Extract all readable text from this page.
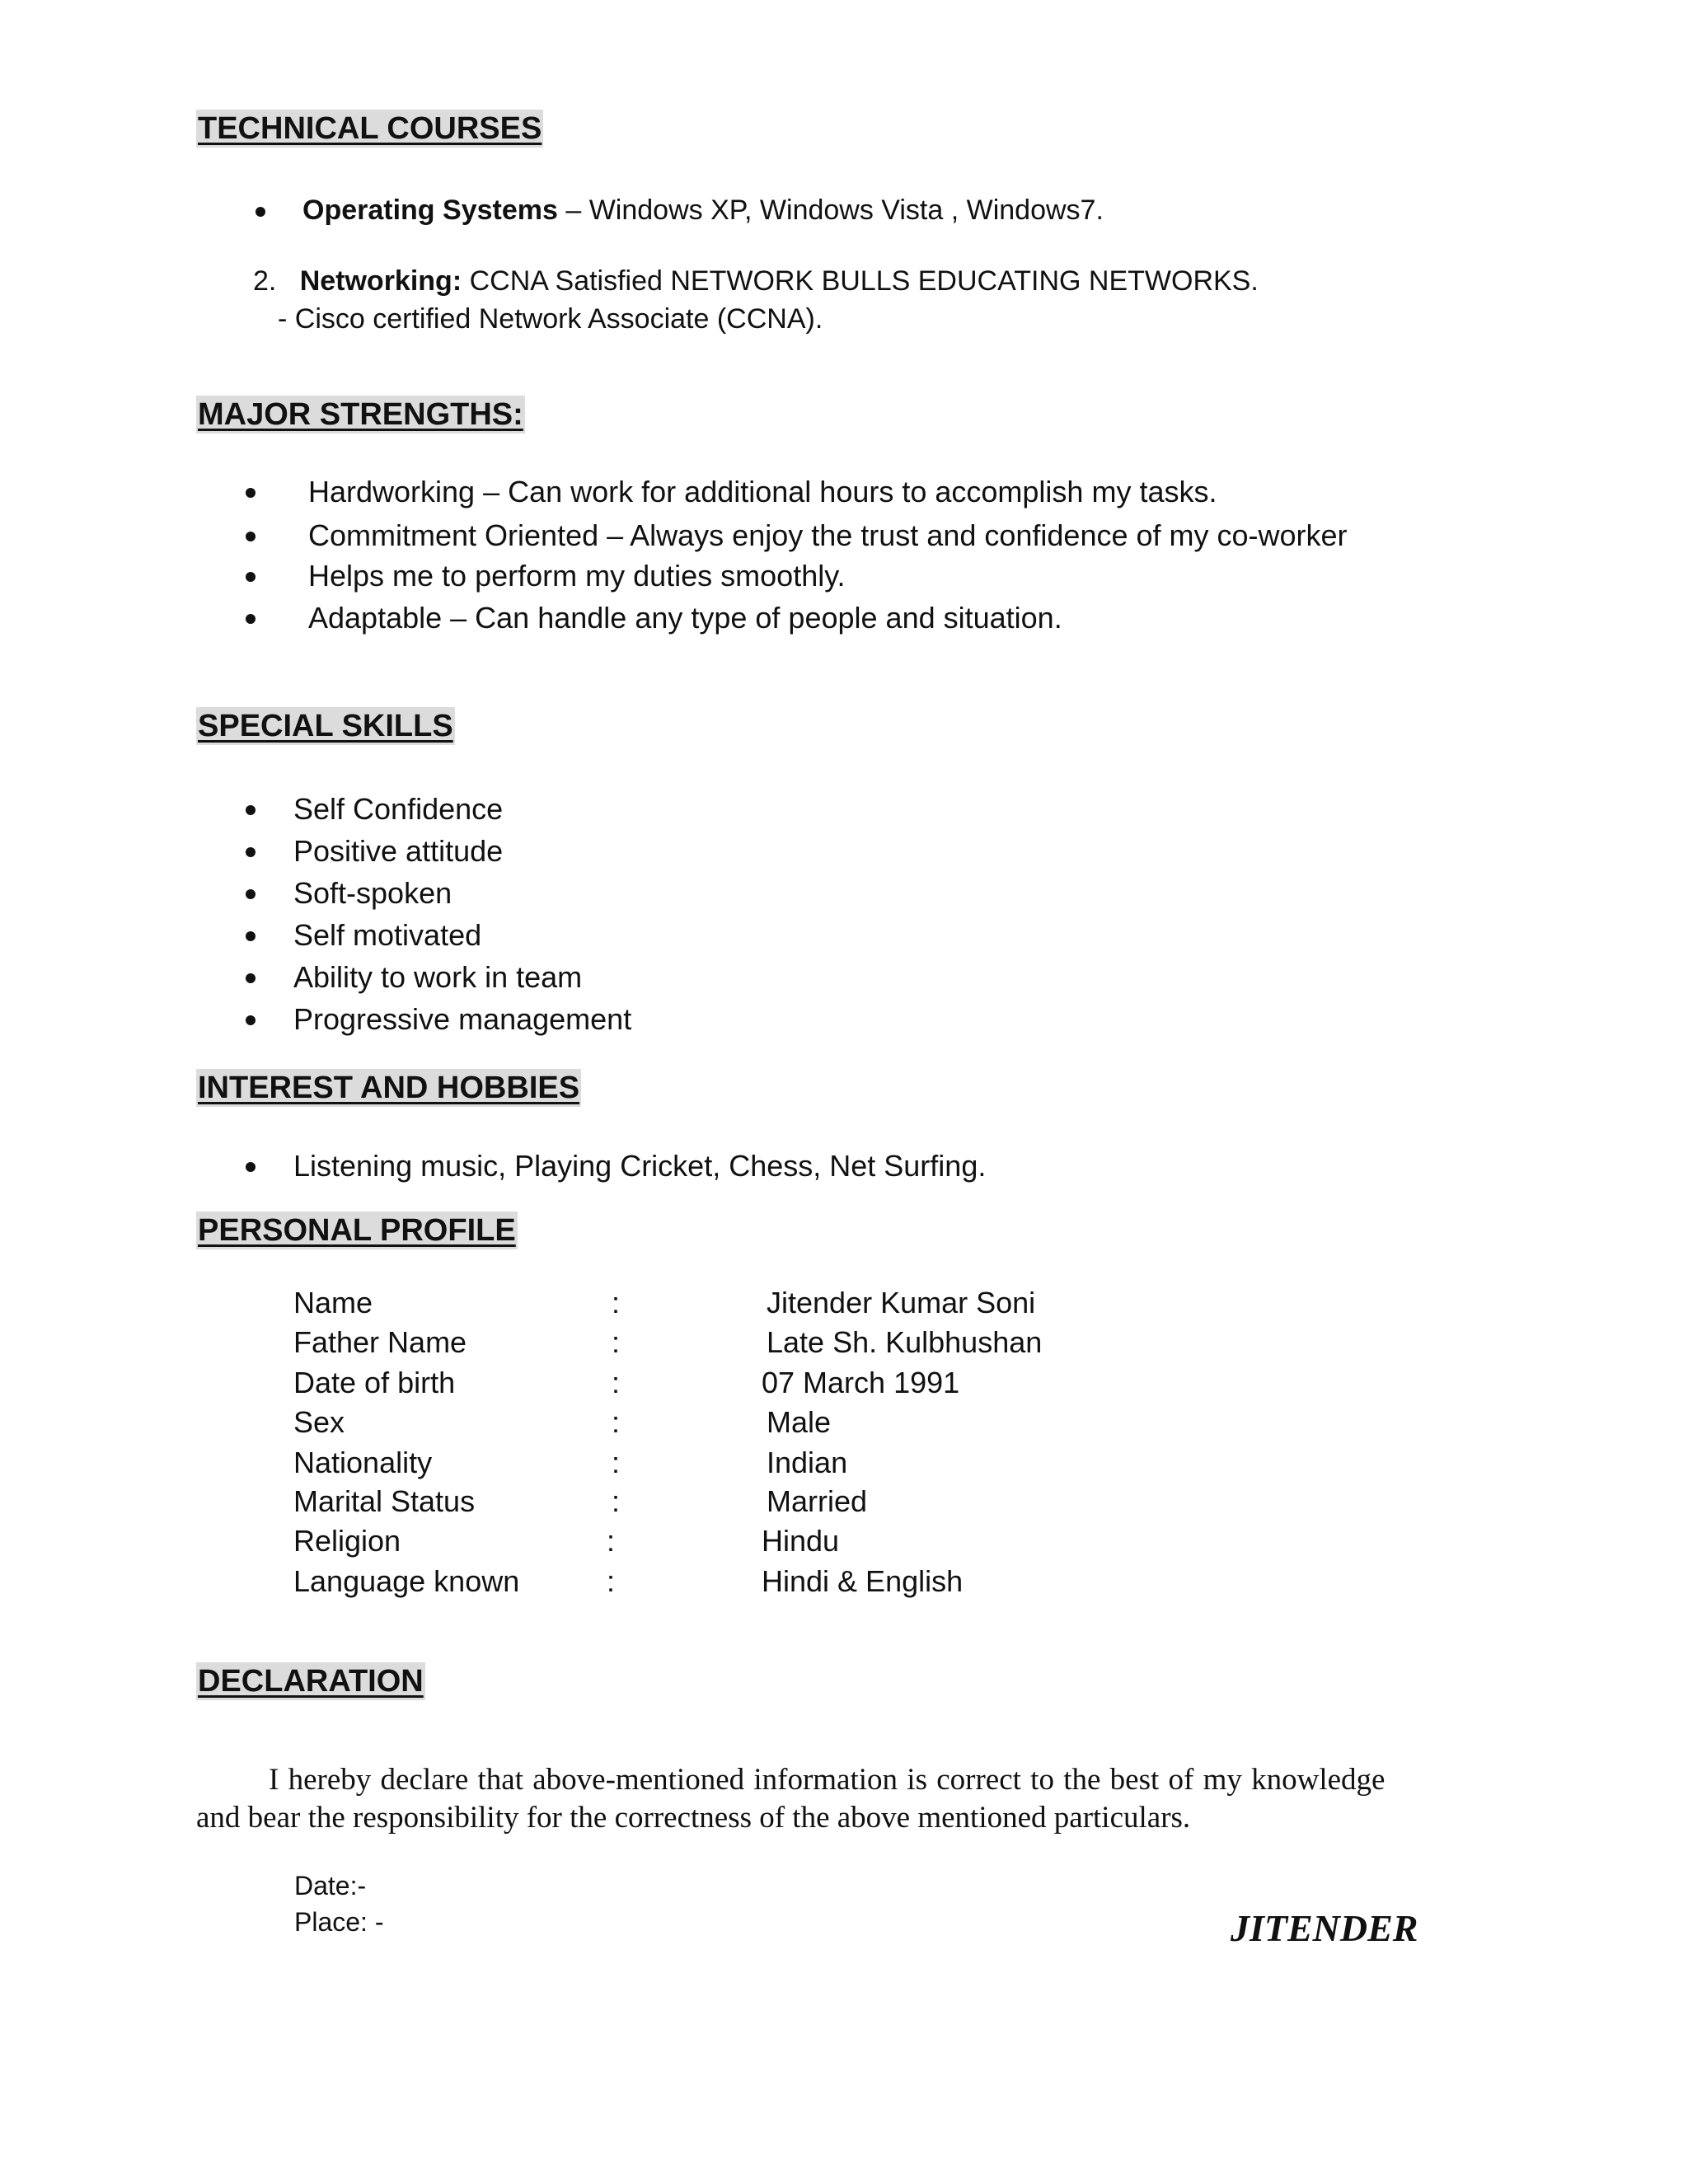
TECHNICAL COURSES

Operating Systems – Windows XP, Windows Vista , Windows7.

2. Networking: CCNA Satisfied NETWORK BULLS EDUCATING NETWORKS.

- Cisco certified Network Associate (CCNA).

MAJOR STRENGTHS:

Hardworking – Can work for additional hours to accomplish my tasks.

Commitment Oriented – Always enjoy the trust and confidence of my co-worker

Helps me to perform my duties smoothly.

Adaptable – Can handle any type of people and situation.

SPECIAL SKILLS

Self Confidence

Positive attitude

Soft-spoken

Self motivated

Ability to work in team

Progressive management

INTEREST AND HOBBIES

Listening music, Playing Cricket, Chess, Net Surfing.

PERSONAL PROFILE

Name	:	Jitender Kumar Soni

Father Name	:	Late Sh. Kulbhushan

Date of birth	:	07 March 1991

Sex	:	Male

Nationality	:	Indian

Marital Status	:	Married

Religion	:	Hindu

Language known	:	Hindi & English

DECLARATION

I hereby declare that above-mentioned information is correct to the best of my knowledge

and bear the responsibility for the correctness of the above mentioned particulars.

Date:-

Place: -	JITENDER
